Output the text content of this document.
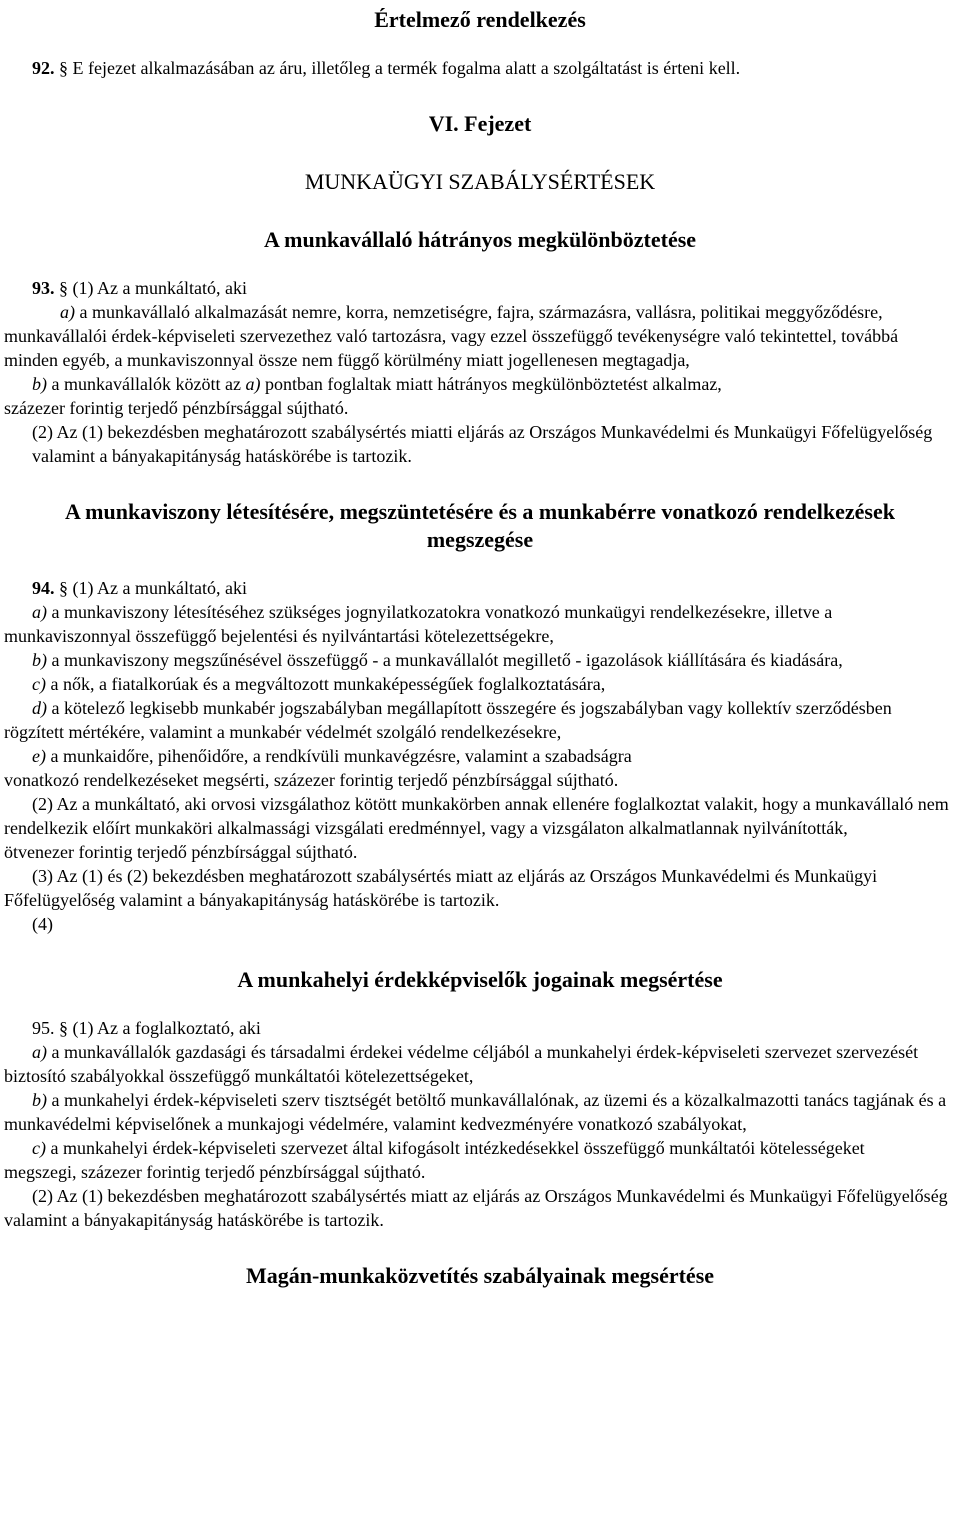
Értelmező rendelkezés

92. § E fejezet alkalmazásában az áru, illetőleg a termék fogalma alatt a szolgáltatást is érteni kell.

VI. Fejezet
MUNKAÜGYI SZABÁLYSÉRTÉSEK
A munkavállaló hátrányos megkülönböztetése

93. § (1) Az a munkáltató, aki

a) a munkavállaló alkalmazását nemre, korra, nemzetiségre, fajra, származásra, vallásra, politikai meggyőződésre, munkavállalói érdek-képviseleti szervezethez való tartozásra, vagy ezzel összefüggő tevékenységre való tekintettel, továbbá minden egyéb, a munkaviszonnyal össze nem függő körülmény miatt jogellenesen megtagadja,

b) a munkavállalók között az a) pontban foglaltak miatt hátrányos megkülönböztetést alkalmaz,

százezer forintig terjedő pénzbírsággal sújtható.

(2) Az (1) bekezdésben meghatározott szabálysértés miatti eljárás az Országos Munkavédelmi és Munkaügyi Főfelügyelőség valamint a bányakapitányság hatáskörébe is tartozik.

A munkaviszony létesítésére, megszüntetésére és a munkabérre vonatkozó rendelkezések megszegése

94. § (1) Az a munkáltató, aki

a) a munkaviszony létesítéséhez szükséges jognyilatkozatokra vonatkozó munkaügyi rendelkezésekre, illetve a munkaviszonnyal összefüggő bejelentési és nyilvántartási kötelezettségekre,

b) a munkaviszony megszűnésével összefüggő - a munkavállalót megillető - igazolások kiállítására és kiadására,

c) a nők, a fiatalkorúak és a megváltozott munkaképességűek foglalkoztatására,

d) a kötelező legkisebb munkabér jogszabályban megállapított összegére és jogszabályban vagy kollektív szerződésben rögzített mértékére, valamint a munkabér védelmét szolgáló rendelkezésekre,

e) a munkaidőre, pihenőidőre, a rendkívüli munkavégzésre, valamint a szabadságra

vonatkozó rendelkezéseket megsérti, százezer forintig terjedő pénzbírsággal sújtható.

(2) Az a munkáltató, aki orvosi vizsgálathoz kötött munkakörben annak ellenére foglalkoztat valakit, hogy a munkavállaló nem rendelkezik előírt munkaköri alkalmassági vizsgálati eredménnyel, vagy a vizsgálaton alkalmatlannak nyilvánították,

ötvenezer forintig terjedő pénzbírsággal sújtható.

(3) Az (1) és (2) bekezdésben meghatározott szabálysértés miatt az eljárás az Országos Munkavédelmi és Munkaügyi Főfelügyelőség valamint a bányakapitányság hatáskörébe is tartozik.

(4)

A munkahelyi érdekképviselők jogainak megsértése

95. § (1) Az a foglalkoztató, aki

a) a munkavállalók gazdasági és társadalmi érdekei védelme céljából a munkahelyi érdek-képviseleti szervezet szervezését biztosító szabályokkal összefüggő munkáltatói kötelezettségeket,

b) a munkahelyi érdek-képviseleti szerv tisztségét betöltő munkavállalónak, az üzemi és a közalkalmazotti tanács tagjának és a munkavédelmi képviselőnek a munkajogi védelmére, valamint kedvezményére vonatkozó szabályokat,

c) a munkahelyi érdek-képviseleti szervezet által kifogásolt intézkedésekkel összefüggő munkáltatói kötelességeket

megszegi, százezer forintig terjedő pénzbírsággal sújtható.

(2) Az (1) bekezdésben meghatározott szabálysértés miatt az eljárás az Országos Munkavédelmi és Munkaügyi Főfelügyelőség valamint a bányakapitányság hatáskörébe is tartozik.

Magán-munkaközvetítés szabályainak megsértése
